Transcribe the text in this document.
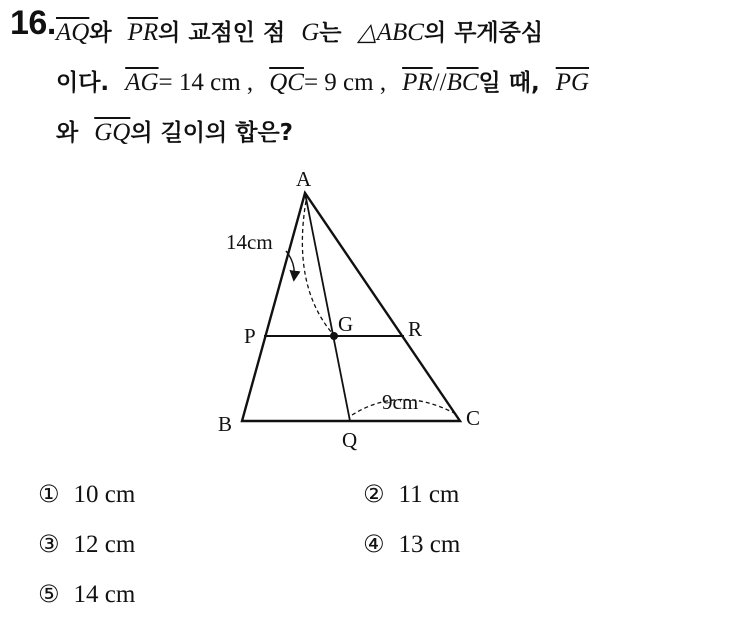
16. $\overline{AQ}$와 $\overline{PR}$의 교점인 점 G는 △ABC의 무게중심
이다. $\overline{AG}= 14$ cm , $\overline{QC}= 9$ cm , $\overline{PR}//\overline{BC}$일 때, $\overline{PG}$
와 $\overline{GQ}$의 길이의 합은?
A
B	C
P	R
G
Q
14cm
9cm
① 10 cm	② 11 cm
③ 12 cm	④ 13 cm
⑤ 14 cm
